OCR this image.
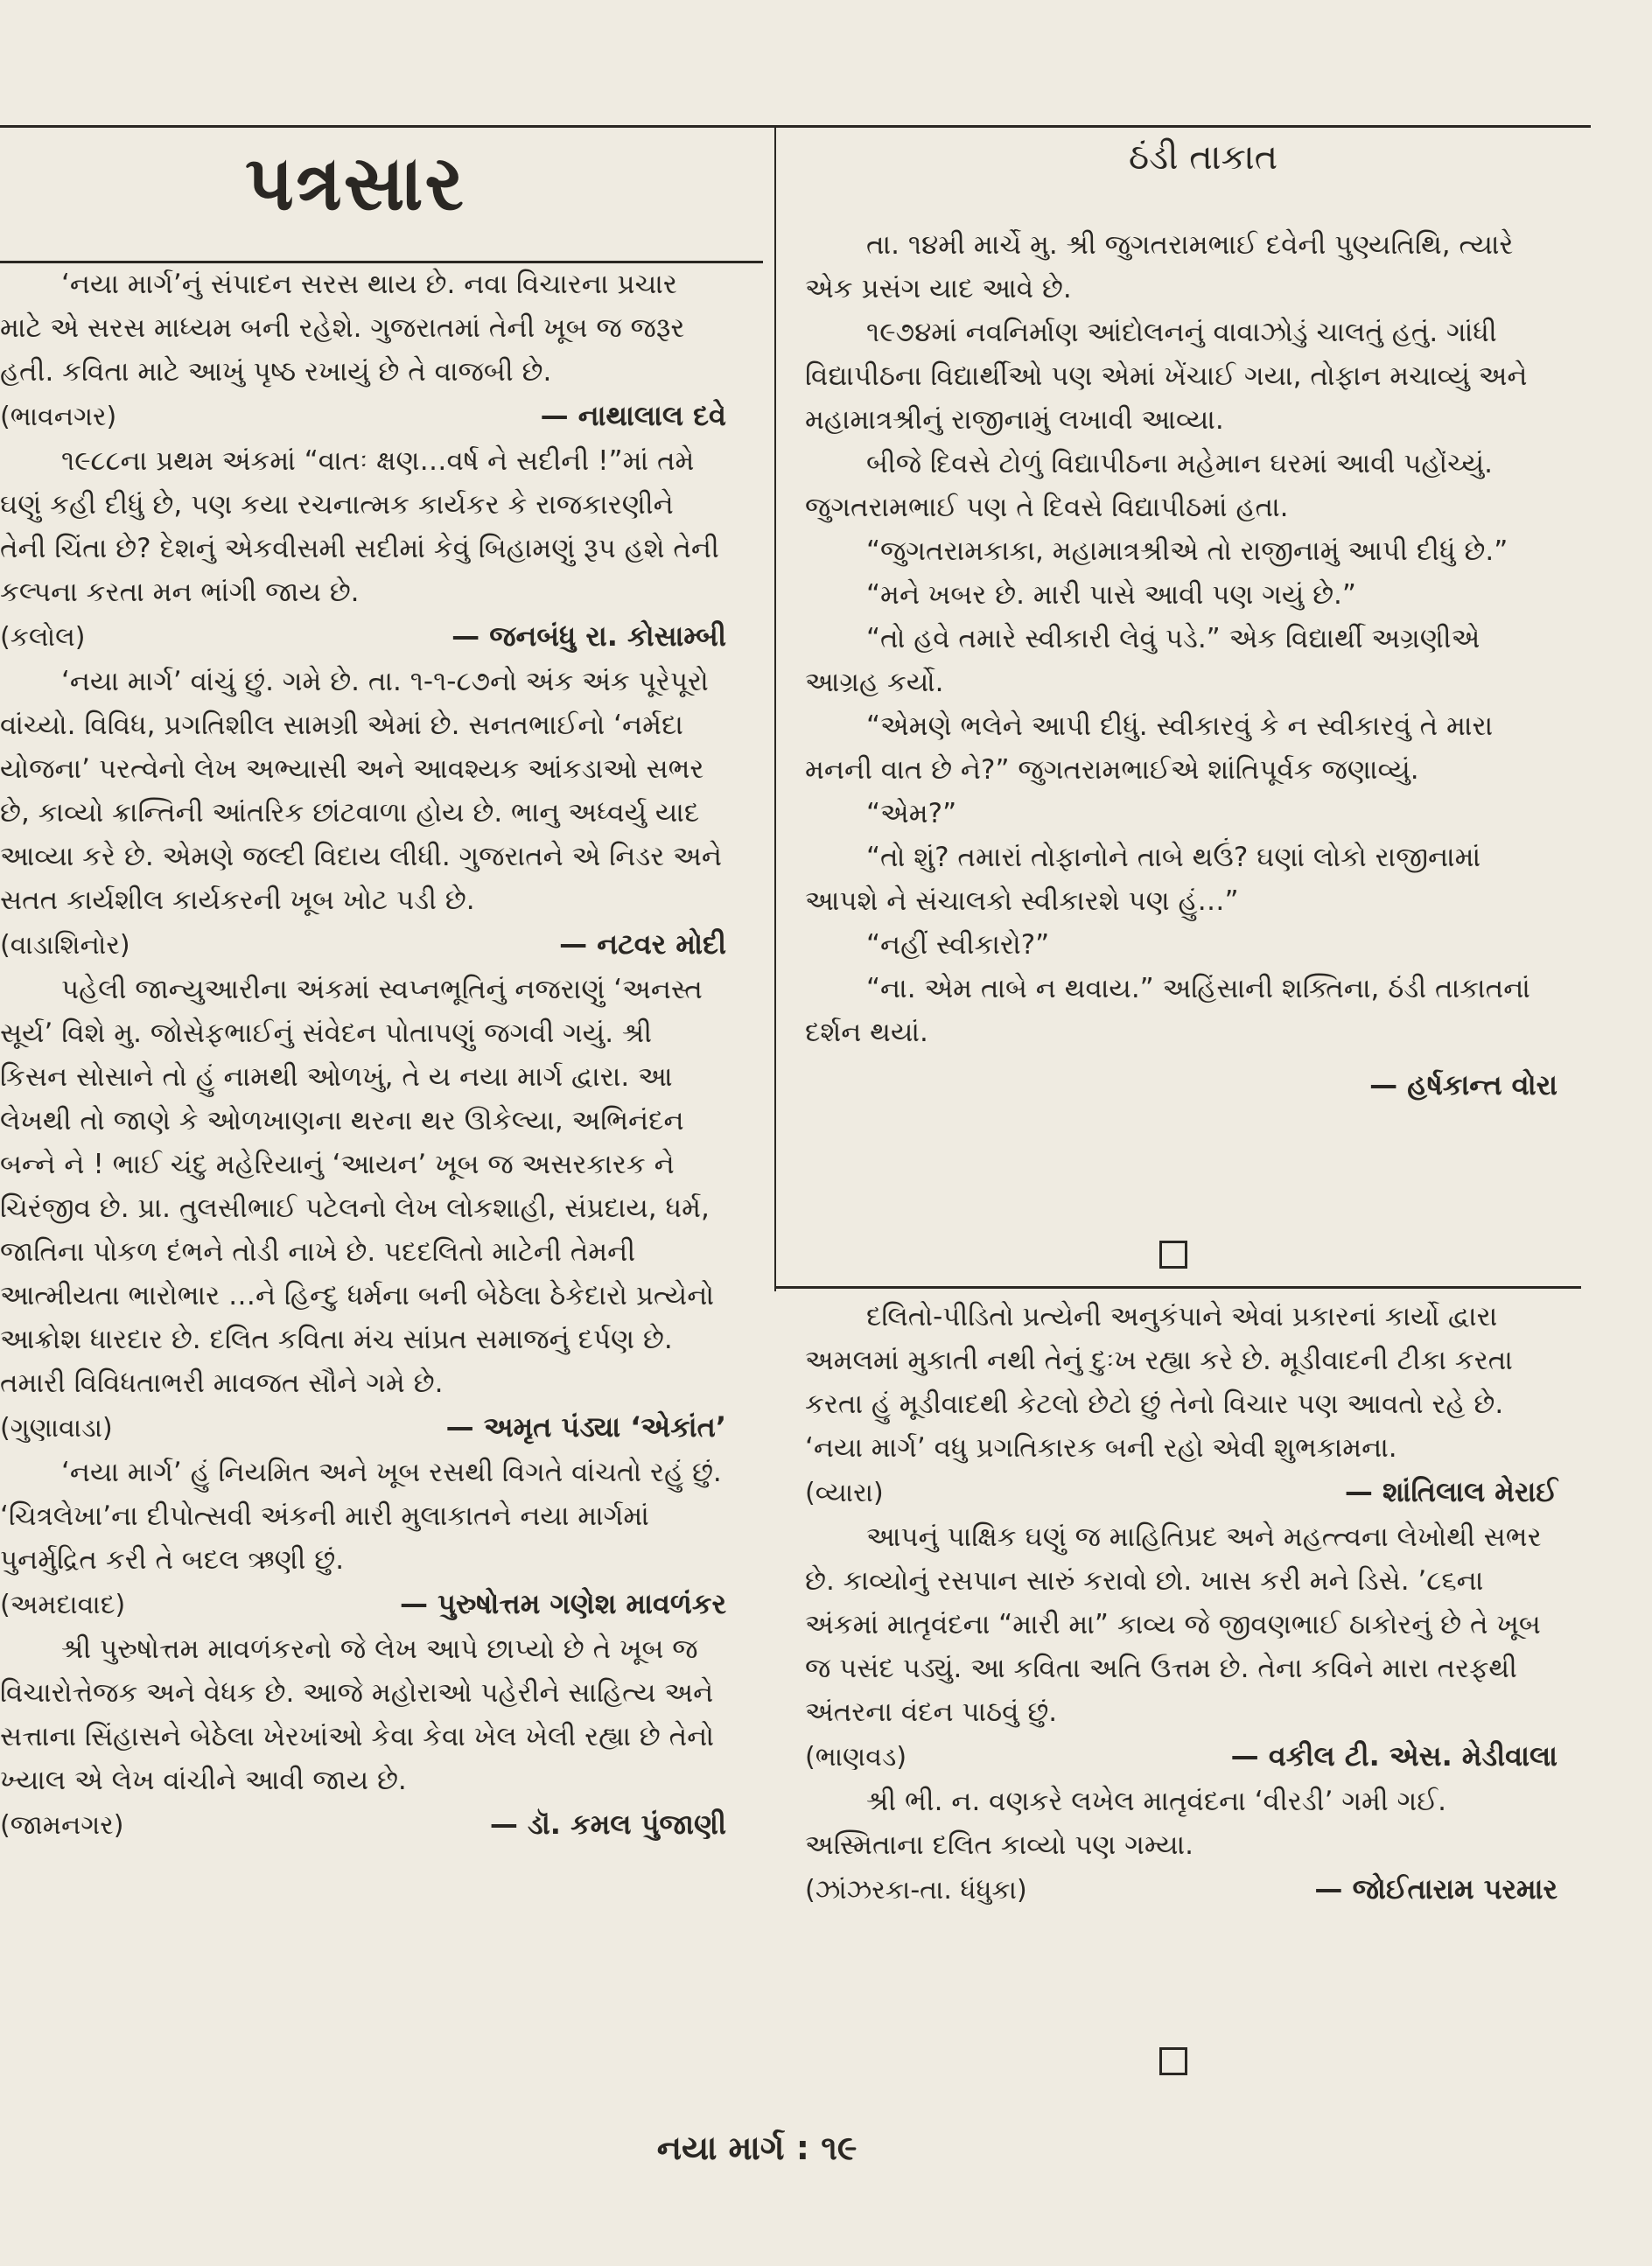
પત્રસાર	ઠંડી તાકાત

‘નયા માર્ગ’નું સંપાદન સરસ થાય છે. નવા વિચારના પ્રચાર માટે એ સરસ માધ્યમ બની રહેશે. ગુજરાતમાં તેની ખૂબ જ જરૂર હતી. કવિતા માટે આખું પૃષ્ઠ રખાયું છે તે વાજબી છે.

(ભાવનગર)	— નાથાલાલ દવે

૧૯૮૮ના પ્રથમ અંકમાં “વાતઃ ક્ષણ…વર્ષ ને સદીની !”માં તમે ઘણું કહી દીધું છે, પણ કયા રચનાત્મક કાર્યકર કે રાજકારણીને તેની ચિંતા છે? દેશનું એકવીસમી સદીમાં કેવું બિહામણું રૂપ હશે તેની કલ્પના કરતા મન ભાંગી જાય છે.

(કલોલ)	— જનબંધુ રા. કોસામ્બી

‘નયા માર્ગ’ વાંચું છું. ગમે છે. તા. ૧-૧-૮૭નો અંક અંક પૂરેપૂરો વાંચ્યો. વિવિધ, પ્રગતિશીલ સામગ્રી એમાં છે. સનતભાઈનો ‘નર્મદા યોજના’ પરત્વેનો લેખ અભ્યાસી અને આવશ્યક આંકડાઓ સભર છે, કાવ્યો ક્રાન્તિની આંતરિક છાંટવાળા હોય છે. ભાનુ અધ્વર્યુ યાદ આવ્યા કરે છે. એમણે જલ્દી વિદાય લીધી. ગુજરાતને એ નિડર અને સતત કાર્યશીલ કાર્યકરની ખૂબ ખોટ પડી છે.

(વાડાશિનોર)	— નટવર મોદી

પહેલી જાન્યુઆરીના અંકમાં સ્વપ્નભૂતિનું નજરાણું ‘અનસ્ત સૂર્ય’ વિશે મુ. જોસેફભાઈનું સંવેદન પોતાપણું જગવી ગયું. શ્રી કિસન સોસાને તો હું નામથી ઓળખું, તે ય નયા માર્ગ દ્વારા. આ લેખથી તો જાણે કે ઓળખાણના થરના થર ઊકેલ્યા, અભિનંદન બન્ને ને ! ભાઈ ચંદુ મહેરિયાનું ‘આયન’ ખૂબ જ અસરકારક ને ચિરંજીવ છે. પ્રા. તુલસીભાઈ પટેલનો લેખ લોકશાહી, સંપ્રદાય, ધર્મ, જાતિના પોકળ દંભને તોડી નાખે છે. પદદલિતો માટેની તેમની આત્મીયતા ભારોભાર …ને હિન્દુ ધર્મના બની બેઠેલા ઠેકેદારો પ્રત્યેનો આક્રોશ ધારદાર છે. દલિત કવિતા મંચ સાંપ્રત સમાજનું દર્પણ છે. તમારી વિવિધતાભરી માવજત સૌને ગમે છે.

(ગુણાવાડા)	— અમૃત પંડ્યા ‘એકાંત’

‘નયા માર્ગ’ હું નિયમિત અને ખૂબ રસથી વિગતે વાંચતો રહું છું. ‘ચિત્રલેખા’ના દીપોત્સવી અંકની મારી મુલાકાતને નયા માર્ગમાં પુનર્મુદ્રિત કરી તે બદલ ઋણી છું.

(અમદાવાદ)	— પુરુષોત્તમ ગણેશ માવળંકર

શ્રી પુરુષોત્તમ માવળંકરનો જે લેખ આપે છાપ્યો છે તે ખૂબ જ વિચારોત્તેજક અને વેધક છે. આજે મહોરાઓ પહેરીને સાહિત્ય અને સત્તાના સિંહાસને બેઠેલા ખેરખાંઓ કેવા કેવા ખેલ ખેલી રહ્યા છે તેનો ખ્યાલ એ લેખ વાંચીને આવી જાય છે.

(જામનગર)	— ડૉ. કમલ પુંજાણી

તા. ૧૪મી માર્ચે મુ. શ્રી જુગતરામભાઈ દવેની પુણ્યતિથિ, ત્યારે એક પ્રસંગ યાદ આવે છે.

૧૯૭૪માં નવનિર્માણ આંદોલનનું વાવાઝોડું ચાલતું હતું. ગાંધી વિદ્યાપીઠના વિદ્યાર્થીઓ પણ એમાં ખેંચાઈ ગયા, તોફાન મચાવ્યું અને મહામાત્રશ્રીનું રાજીનામું લખાવી આવ્યા.

બીજે દિવસે ટોળું વિદ્યાપીઠના મહેમાન ઘરમાં આવી પહોંચ્યું. જુગતરામભાઈ પણ તે દિવસે વિદ્યાપીઠમાં હતા.

“જુગતરામકાકા, મહામાત્રશ્રીએ તો રાજીનામું આપી દીધું છે.”

“મને ખબર છે. મારી પાસે આવી પણ ગયું છે.”

“તો હવે તમારે સ્વીકારી લેવું પડે.” એક વિદ્યાર્થી અગ્રણીએ આગ્રહ કર્યો.

“એમણે ભલેને આપી દીધું. સ્વીકારવું કે ન સ્વીકારવું તે મારા મનની વાત છે ને?” જુગતરામભાઈએ શાંતિપૂર્વક જણાવ્યું.

“એમ?”

“તો શું? તમારાં તોફાનોને તાબે થઉં? ઘણાં લોકો રાજીનામાં આપશે ને સંચાલકો સ્વીકારશે પણ હું…”

“નહીં સ્વીકારો?”

“ના. એમ તાબે ન થવાય.” અહિંસાની શક્તિના, ઠંડી તાકાતનાં દર્શન થયાં.

— હર્ષકાન્ત વોરા

દલિતો-પીડિતો પ્રત્યેની અનુકંપાને એવાં પ્રકારનાં કાર્યો દ્વારા અમલમાં મુકાતી નથી તેનું દુઃખ રહ્યા કરે છે. મૂડીવાદની ટીકા કરતા કરતા હું મૂડીવાદથી કેટલો છેટો છું તેનો વિચાર પણ આવતો રહે છે. ‘નયા માર્ગ’ વધુ પ્રગતિકારક બની રહો એવી શુભકામના.

(વ્યારા)	— શાંતિલાલ મેરાઈ

આપનું પાક્ષિક ઘણું જ માહિતિપ્રદ અને મહત્ત્વના લેખોથી સભર છે. કાવ્યોનું રસપાન સારું કરાવો છો. ખાસ કરી મને ડિસે. ’૮૬ના અંકમાં માતૃવંદના “મારી મા” કાવ્ય જે જીવણભાઈ ઠાકોરનું છે તે ખૂબ જ પસંદ પડ્યું. આ કવિતા અતિ ઉત્તમ છે. તેના કવિને મારા તરફથી અંતરના વંદન પાઠવું છું.

(ભાણવડ)	— વકીલ ટી. એસ. મેડીવાલા

શ્રી ભી. ન. વણકરે લખેલ માતૃવંદના ‘વીરડી’ ગમી ગઈ. અસ્મિતાના દલિત કાવ્યો પણ ગમ્યા.

(ઝાંઝરકા-તા. ધંધુકા)	— જોઈતારામ પરમાર
નયા માર્ગ : ૧૯
